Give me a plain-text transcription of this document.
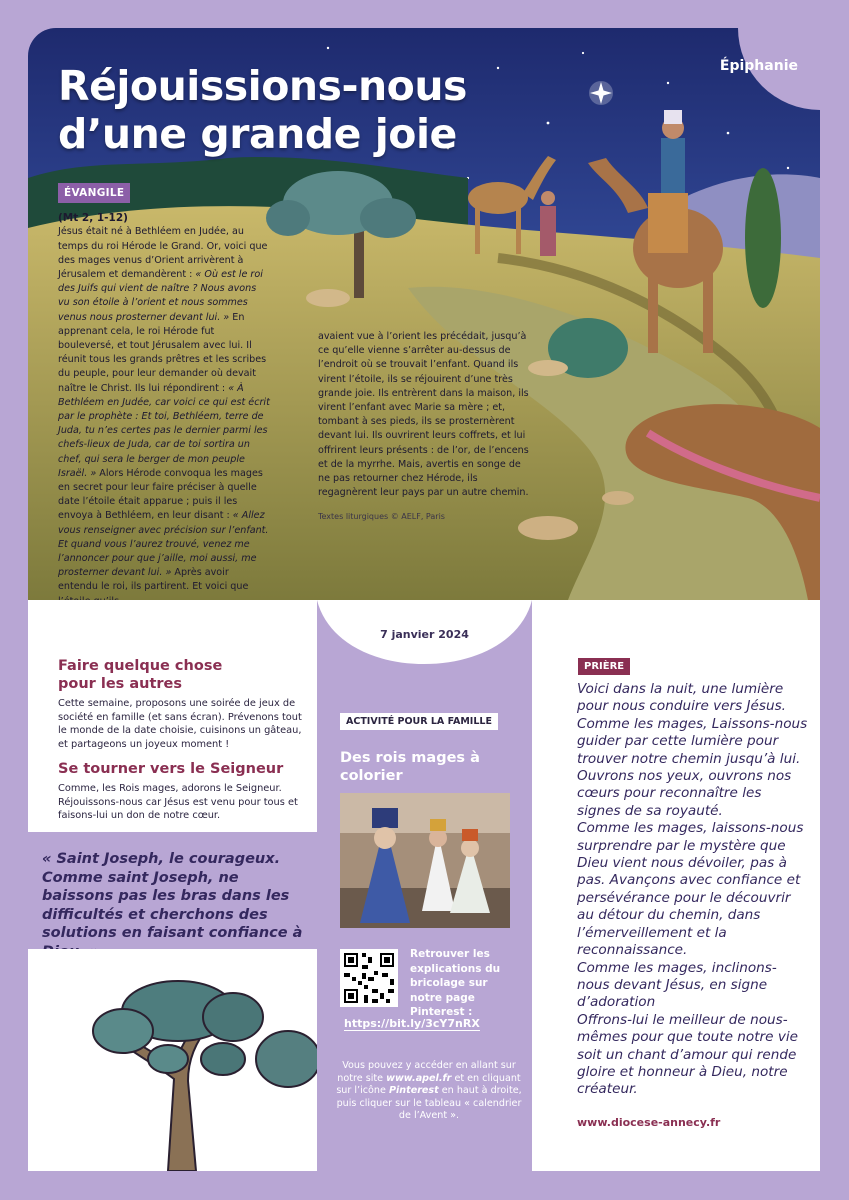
Épiphanie
Réjouissions-nous
d’une grande joie
ÉVANGILE
(Mt 2, 1-12)
Jésus était né à Bethléem en Judée, au temps du roi Hérode le Grand. Or, voici que des mages venus d’Orient arrivèrent à Jérusalem et demandèrent : « Où est le roi des Juifs qui vient de naître ? Nous avons vu son étoile à l’orient et nous sommes venus nous prosterner devant lui. » En apprenant cela, le roi Hérode fut bouleversé, et tout Jérusalem avec lui. Il réunit tous les grands prêtres et les scribes du peuple, pour leur demander où devait naître le Christ. Ils lui répondirent : « À Bethléem en Judée, car voici ce qui est écrit par le prophète : Et toi, Bethléem, terre de Juda, tu n’es certes pas le dernier parmi les chefs-lieux de Juda, car de toi sortira un chef, qui sera le berger de mon peuple Israël. » Alors Hérode convoqua les mages en secret pour leur faire préciser à quelle date l’étoile était apparue ; puis il les envoya à Bethléem, en leur disant : « Allez vous renseigner avec précision sur l’enfant. Et quand vous l’aurez trouvé, venez me l’annoncer pour que j’aille, moi aussi, me prosterner devant lui. » Après avoir entendu le roi, ils partirent. Et voici que
avaient vue à l’orient les précédait, jusqu’à ce qu’elle vienne s’arrêter au-dessus de l’endroit où se trouvait l’enfant. Quand ils virent l’étoile, ils se réjouirent d’une très grande joie. Ils entrèrent dans la maison, ils virent l’enfant avec Marie sa mère ; et, tombant à ses pieds, ils se prosternèrent devant lui. Ils ouvrirent leurs coffrets, et lui offrirent leurs présents : de l’or, de l’encens et de la myrrhe. Mais, avertis en songe de ne pas retourner chez Hérode, ils regagnèrent leur pays par un autre chemin.
Textes liturgiques © AELF, Paris
7 janvier 2024
Faire quelque chose pour les autres
Cette semaine, proposons une soirée de jeux de société en famille (et sans écran). Prévenons tout le monde de la date choisie, cuisinons un gâteau, et partageons un joyeux moment !
Se tourner vers le Seigneur
Comme, les Rois mages, adorons le Seigneur. Réjouissons-nous car Jésus est venu pour tous et faisons-lui un don de notre cœur.
« Saint Joseph, le courageux. Comme saint Joseph, ne baissons pas les bras dans les difficultés et cherchons des solutions en faisant confiance à
ACTIVITÉ POUR LA FAMILLE
Des rois mages à colorier
Retrouver les explications du bricolage sur notre page Pinterest :
https://bit.ly/3cY7nRX
Vous pouvez y accéder en allant sur notre site www.apel.fr et en cliquant sur l’icône Pinterest en haut à droite, puis cliquer sur le tableau « calendrier de l’Avent ».
PRIÈRE

Voici dans la nuit, une lumière pour nous conduire vers Jésus. Comme les mages, Laissons-nous guider par cette lumière pour trouver notre chemin jusqu’à lui. Ouvrons nos yeux, ouvrons nos cœurs pour reconnaître les signes de sa royauté.

Comme les mages, laissons-nous surprendre par le mystère que Dieu vient nous dévoiler, pas à pas. Avançons avec confiance et persévérance pour le découvrir au détour du chemin, dans l’émerveillement et la reconnaissance.

Comme les mages, inclinons-nous devant Jésus, en signe d’adoration

Offrons-lui le meilleur de nous-mêmes pour que toute notre vie soit un chant d’amour qui rende gloire et honneur à Dieu, notre créateur.

www.diocese-annecy.fr
